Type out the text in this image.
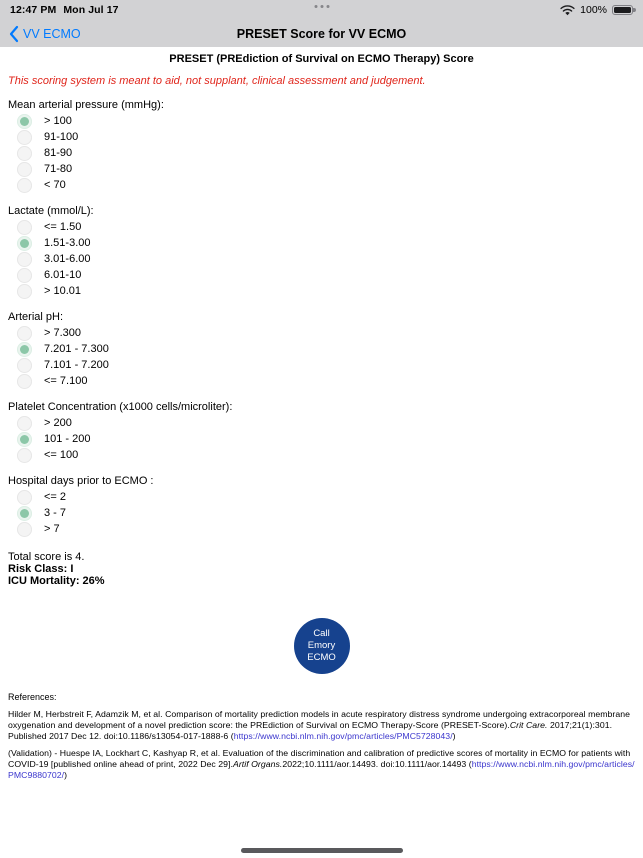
12:47 PM Mon Jul 17	100%
VV ECMO	PRESET Score for VV ECMO
PRESET (PREdiction of Survival on ECMO Therapy) Score
This scoring system is meant to aid, not supplant, clinical assessment and judgement.
Mean arterial pressure (mmHg):
> 100
91-100
81-90
71-80
< 70
Lactate (mmol/L):
<= 1.50
1.51-3.00
3.01-6.00
6.01-10
> 10.01
Arterial pH:
> 7.300
7.201 - 7.300
7.101 - 7.200
<= 7.100
Platelet Concentration (x1000 cells/microliter):
> 200
101 - 200
<= 100
Hospital days prior to ECMO :
<= 2
3 - 7
> 7
Total score is 4.
Risk Class: I
ICU Mortality: 26%
Call
Emory
ECMO
References:

Hilder M, Herbstreit F, Adamzik M, et al. Comparison of mortality prediction models in acute respiratory distress syndrome undergoing extracorporeal membrane oxygenation and development of a novel prediction score: the PREdiction of Survival on ECMO Therapy-Score (PRESET-Score).Crit Care. 2017;21(1):301. Published 2017 Dec 12. doi:10.1186/s13054-017-1888-6 (https://www.ncbi.nlm.nih.gov/pmc/articles/PMC5728043/)

(Validation) - Huespe IA, Lockhart C, Kashyap R, et al. Evaluation of the discrimination and calibration of predictive scores of mortality in ECMO for patients with COVID-19 [published online ahead of print, 2022 Dec 29].Artif Organs.2022;10.1111/aor.14493. doi:10.1111/aor.14493 (https://www.ncbi.nlm.nih.gov/pmc/articles/PMC9880702/)
